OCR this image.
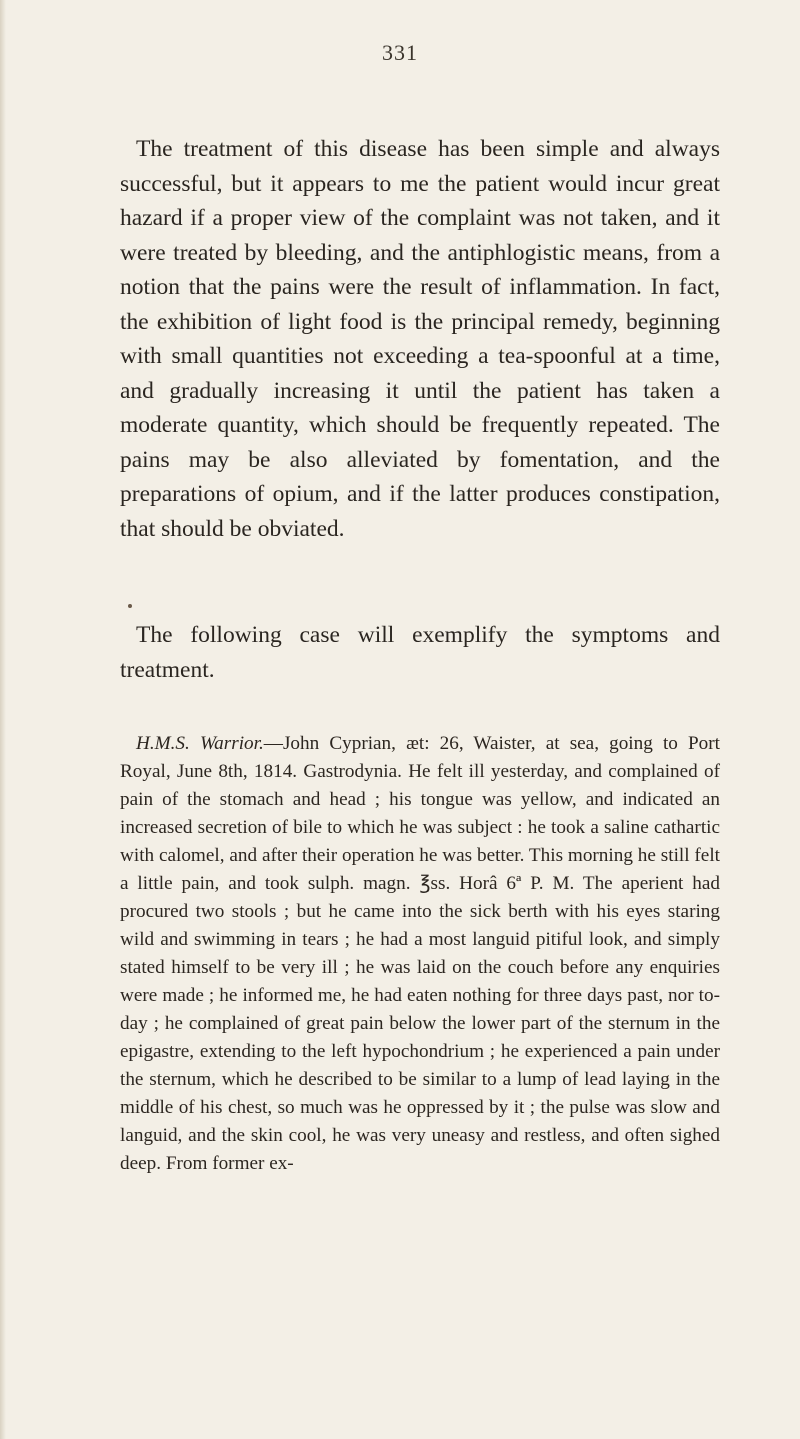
331

The treatment of this disease has been simple and always successful, but it appears to me the patient would incur great hazard if a proper view of the complaint was not taken, and it were treated by bleeding, and the antiphlogistic means, from a notion that the pains were the result of inflammation. In fact, the exhibition of light food is the principal remedy, beginning with small quantities not exceeding a tea-spoonful at a time, and gradually increasing it until the patient has taken a moderate quantity, which should be frequently repeated. The pains may be also alleviated by fomentation, and the preparations of opium, and if the latter produces constipation, that should be obviated.

The following case will exemplify the symptoms and treatment.

H.M.S. Warrior.—John Cyprian, æt: 26, Waister, at sea, going to Port Royal, June 8th, 1814. Gastrodynia. He felt ill yesterday, and complained of pain of the stomach and head ; his tongue was yellow, and indicated an increased secretion of bile to which he was subject : he took a saline cathartic with calomel, and after their operation he was better. This morning he still felt a little pain, and took sulph. magn. ℥ss. Horâ 6ª P. M. The aperient had procured two stools ; but he came into the sick berth with his eyes staring wild and swimming in tears ; he had a most languid pitiful look, and simply stated himself to be very ill ; he was laid on the couch before any enquiries were made ; he informed me, he had eaten nothing for three days past, nor to-day ; he complained of great pain below the lower part of the sternum in the epigastre, extending to the left hypochondrium ; he experienced a pain under the sternum, which he described to be similar to a lump of lead laying in the middle of his chest, so much was he oppressed by it ; the pulse was slow and languid, and the skin cool, he was very uneasy and restless, and often sighed deep. From former ex-
